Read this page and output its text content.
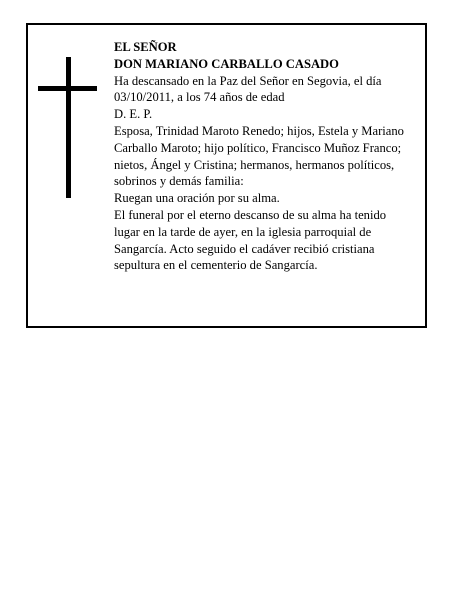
EL SEÑOR

DON MARIANO CARBALLO CASADO

Ha descansado en la Paz del Señor en Segovia, el día 03/10/2011, a los 74 años de edad

D. E. P.

Esposa, Trinidad Maroto Renedo; hijos, Estela y Mariano Carballo Maroto; hijo político, Francisco Muñoz Franco; nietos, Ángel y Cristina; hermanos, hermanos políticos, sobrinos y demás familia:

Ruegan una oración por su alma.

El funeral por el eterno descanso de su alma ha tenido lugar en la tarde de ayer, en la iglesia parroquial de Sangarcía. Acto seguido el cadáver recibió cristiana sepultura en el cementerio de Sangarcía.
